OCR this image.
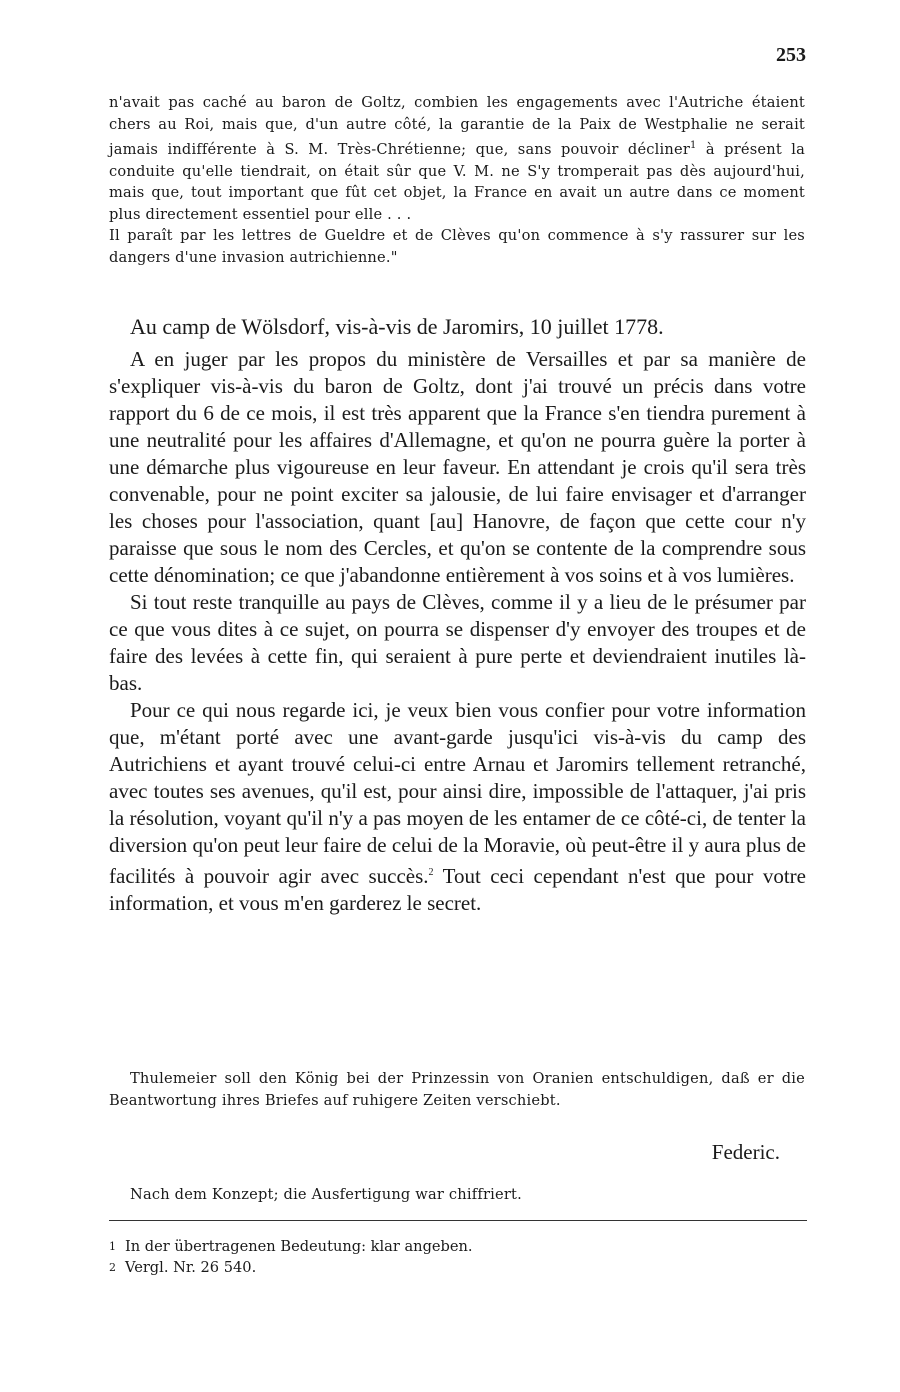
253

n'avait pas caché au baron de Goltz, combien les engagements avec l'Autriche étaient chers au Roi, mais que, d'un autre côté, la garantie de la Paix de Westphalie ne serait jamais indifférente à S. M. Très-Chrétienne; que, sans pouvoir décliner$^1$ à présent la conduite qu'elle tiendrait, on était sûr que V. M. ne S'y tromperait pas dès aujourd'hui, mais que, tout important que fût cet objet, la France en avait un autre dans ce moment plus directement essentiel pour elle . . .

Il paraît par les lettres de Gueldre et de Clèves qu'on commence à s'y rassurer sur les dangers d'une invasion autrichienne."

Au camp de Wölsdorf, vis-à-vis de Jaromirs, 10 juillet 1778.

A en juger par les propos du ministère de Versailles et par sa manière de s'expliquer vis-à-vis du baron de Goltz, dont j'ai trouvé un précis dans votre rapport du 6 de ce mois, il est très apparent que la France s'en tiendra purement à une neutralité pour les affaires d'Allemagne, et qu'on ne pourra guère la porter à une démarche plus vigoureuse en leur faveur. En attendant je crois qu'il sera très convenable, pour ne point exciter sa jalousie, de lui faire envisager et d'arranger les choses pour l'association, quant [au] Hanovre, de façon que cette cour n'y paraisse que sous le nom des Cercles, et qu'on se contente de la comprendre sous cette dénomination; ce que j'abandonne entièrement à vos soins et à vos lumières.

Si tout reste tranquille au pays de Clèves, comme il y a lieu de le présumer par ce que vous dites à ce sujet, on pourra se dispenser d'y envoyer des troupes et de faire des levées à cette fin, qui seraient à pure perte et deviendraient inutiles là-bas.

Pour ce qui nous regarde ici, je veux bien vous confier pour votre information que, m'étant porté avec une avant-garde jusqu'ici vis-à-vis du camp des Autrichiens et ayant trouvé celui-ci entre Arnau et Jaromirs tellement retranché, avec toutes ses avenues, qu'il est, pour ainsi dire, impossible de l'attaquer, j'ai pris la résolution, voyant qu'il n'y a pas moyen de les entamer de ce côté-ci, de tenter la diversion qu'on peut leur faire de celui de la Moravie, où peut-être il y aura plus de facilités à pouvoir agir avec succès.$^2$ Tout ceci cependant n'est que pour votre information, et vous m'en garderez le secret.

Thulemeier soll den König bei der Prinzessin von Oranien entschuldigen, daß er die Beantwortung ihres Briefes auf ruhigere Zeiten verschiebt.

Federic.

Nach dem Konzept; die Ausfertigung war chiffriert.

1 In der übertragenen Bedeutung: klar angeben.
2 Vergl. Nr. 26 540.
